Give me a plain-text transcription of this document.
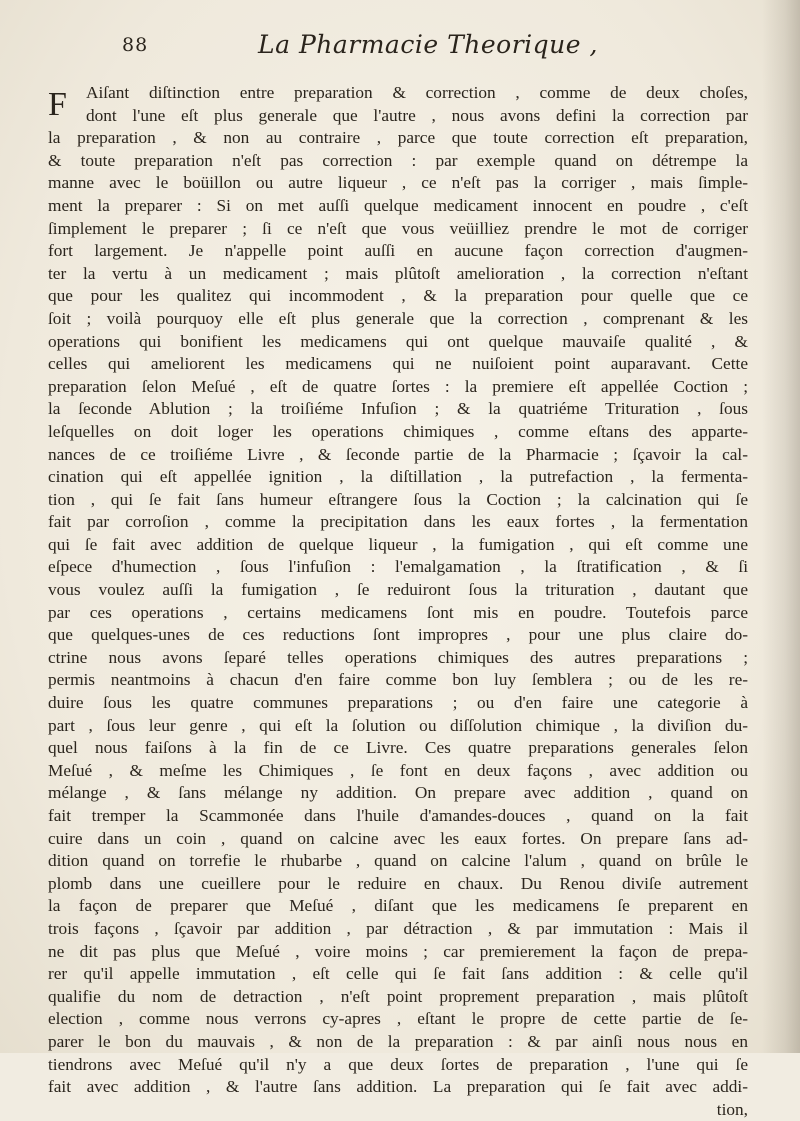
88	La Pharmacie Theorique ,
F	Aiſant diſtinction entre preparation & correction , comme de deux choſes,
dont l'une eſt plus generale que l'autre , nous avons defini la correction par
la preparation , & non au contraire , parce que toute correction eſt preparation,
& toute preparation n'eſt pas correction : par exemple quand on détrempe la
manne avec le boüillon ou autre liqueur , ce n'eſt pas la corriger , mais ſimple-
ment la preparer : Si on met auſſi quelque medicament innocent en poudre , c'eſt
ſimplement le preparer ; ſi ce n'eſt que vous veüilliez prendre le mot de corriger
fort largement. Je n'appelle point auſſi en aucune façon correction d'augmen-
ter la vertu à un medicament ; mais plûtoſt amelioration , la correction n'eſtant
que pour les qualitez qui incommodent , & la preparation pour quelle que ce
ſoit ; voilà pourquoy elle eſt plus generale que la correction , comprenant & les
operations qui bonifient les medicamens qui ont quelque mauvaiſe qualité , &
celles qui ameliorent les medicamens qui ne nuiſoient point auparavant. Cette
preparation ſelon Meſué , eſt de quatre ſortes : la premiere eſt appellée Coction ;
la ſeconde Ablution ; la troiſiéme Infuſion ; & la quatriéme Trituration , ſous
leſquelles on doit loger les operations chimiques , comme eſtans des apparte-
nances de ce troiſiéme Livre , & ſeconde partie de la Pharmacie ; ſçavoir la cal-
cination qui eſt appellée ignition , la diſtillation , la putrefaction , la fermenta-
tion , qui ſe fait ſans humeur eſtrangere ſous la Coction ; la calcination qui ſe
fait par corroſion , comme la precipitation dans les eaux fortes , la fermentation
qui ſe fait avec addition de quelque liqueur , la fumigation , qui eſt comme une
eſpece d'humection , ſous l'infuſion : l'emalgamation , la ſtratification , & ſi
vous voulez auſſi la fumigation , ſe reduiront ſous la trituration , dautant que
par ces operations , certains medicamens ſont mis en poudre. Toutefois parce
que quelques-unes de ces reductions ſont impropres , pour une plus claire do-
ctrine nous avons ſeparé telles operations chimiques des autres preparations ;
permis neantmoins à chacun d'en faire comme bon luy ſemblera ; ou de les re-
duire ſous les quatre communes preparations ; ou d'en faire une categorie à
part , ſous leur genre , qui eſt la ſolution ou diſſolution chimique , la diviſion du-
quel nous faiſons à la fin de ce Livre. Ces quatre preparations generales ſelon
Meſué , & meſme les Chimiques , ſe font en deux façons , avec addition ou
mélange , & ſans mélange ny addition. On prepare avec addition , quand on
fait tremper la Scammonée dans l'huile d'amandes-douces , quand on la fait
cuire dans un coin , quand on calcine avec les eaux fortes. On prepare ſans ad-
dition quand on torrefie le rhubarbe , quand on calcine l'alum , quand on brûle le
plomb dans une cueillere pour le reduire en chaux. Du Renou diviſe autrement
la façon de preparer que Meſué , diſant que les medicamens ſe preparent en
trois façons , ſçavoir par addition , par détraction , & par immutation : Mais il
ne dit pas plus que Meſué , voire moins ; car premierement la façon de prepa-
rer qu'il appelle immutation , eſt celle qui ſe fait ſans addition : & celle qu'il
qualifie du nom de detraction , n'eſt point proprement preparation , mais plûtoſt
election , comme nous verrons cy-apres , eſtant le propre de cette partie de ſe-
parer le bon du mauvais , & non de la preparation : & par ainſi nous nous en
tiendrons avec Meſué qu'il n'y a que deux ſortes de preparation , l'une qui ſe
fait avec addition , & l'autre ſans addition. La preparation qui ſe fait avec addi-
tion,
